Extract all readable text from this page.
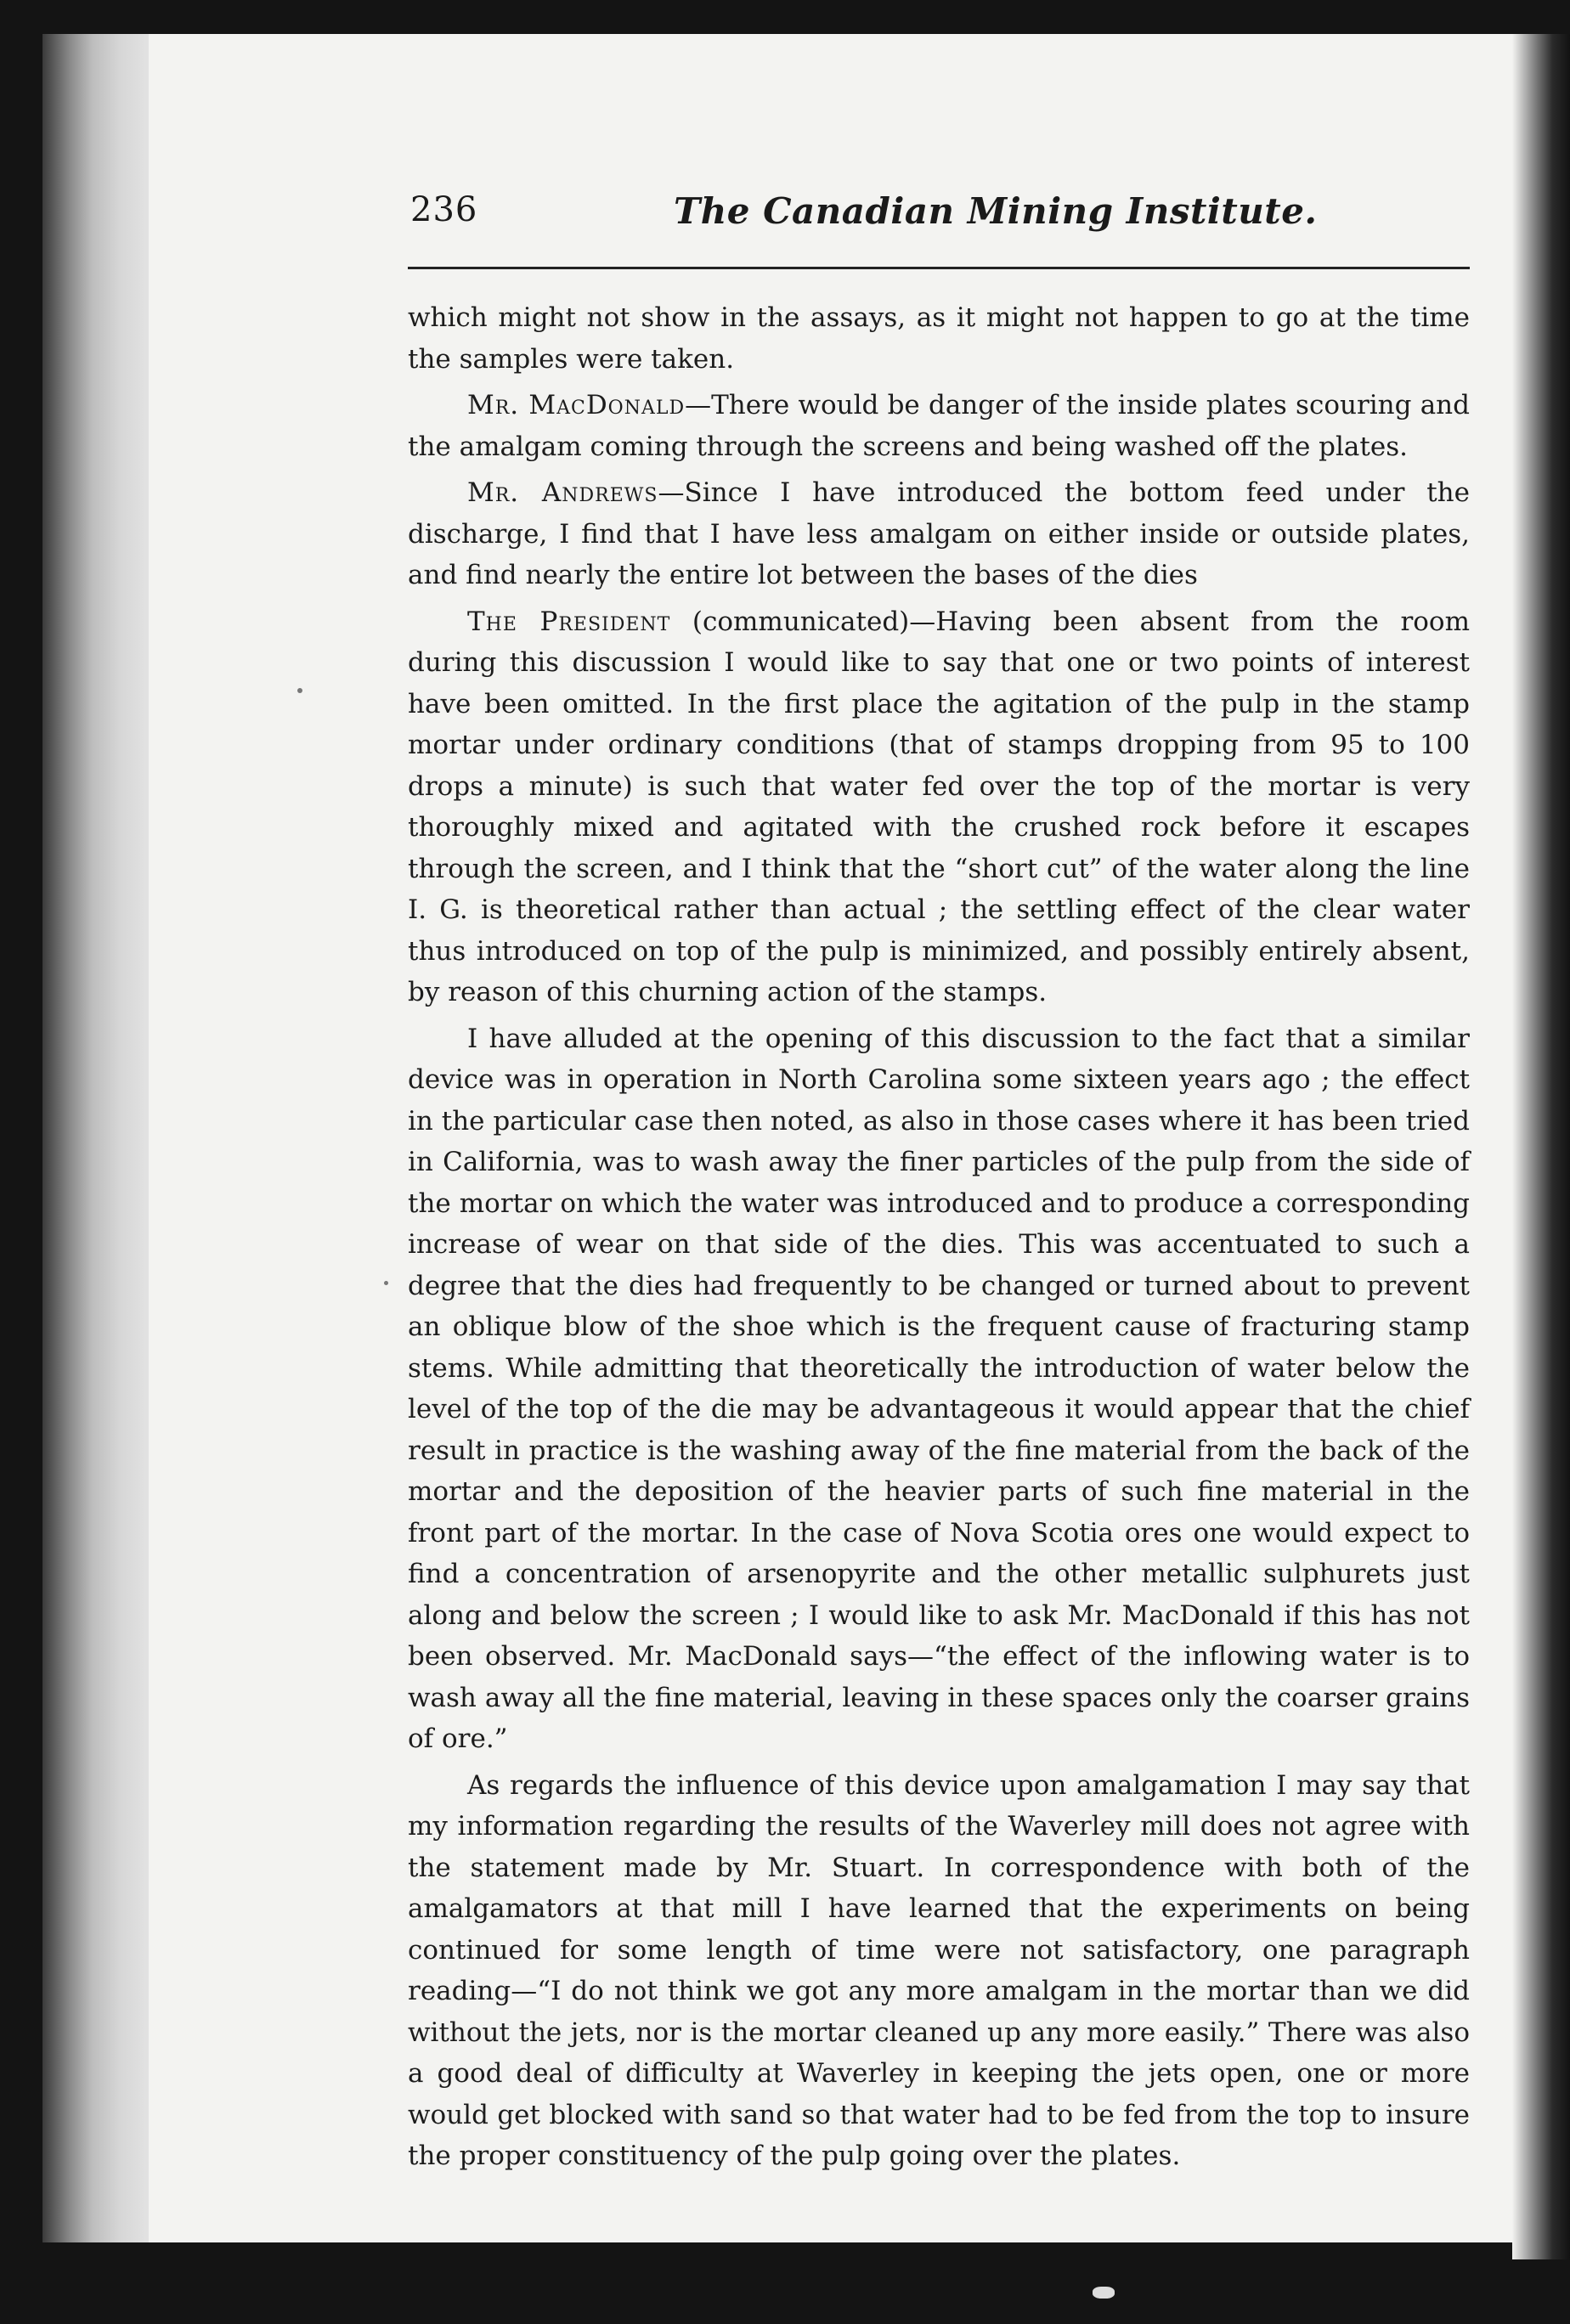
236	The Canadian Mining Institute.

which might not show in the assays, as it might not happen to go at the time the samples were taken.

Mr. MacDonald—There would be danger of the inside plates scouring and the amalgam coming through the screens and being washed off the plates.

Mr. Andrews—Since I have introduced the bottom feed under the discharge, I find that I have less amalgam on either inside or outside plates, and find nearly the entire lot between the bases of the dies

The President (communicated)—Having been absent from the room during this discussion I would like to say that one or two points of interest have been omitted. In the first place the agitation of the pulp in the stamp mortar under ordinary conditions (that of stamps dropping from 95 to 100 drops a minute) is such that water fed over the top of the mortar is very thoroughly mixed and agitated with the crushed rock before it escapes through the screen, and I think that the “short cut” of the water along the line I. G. is theoretical rather than actual ; the settling effect of the clear water thus introduced on top of the pulp is minimized, and possibly entirely absent, by reason of this churning action of the stamps.

I have alluded at the opening of this discussion to the fact that a similar device was in operation in North Carolina some sixteen years ago ; the effect in the particular case then noted, as also in those cases where it has been tried in California, was to wash away the finer particles of the pulp from the side of the mortar on which the water was introduced and to produce a corresponding increase of wear on that side of the dies. This was accentuated to such a degree that the dies had frequently to be changed or turned about to prevent an oblique blow of the shoe which is the frequent cause of fracturing stamp stems. While admitting that theoretically the introduction of water below the level of the top of the die may be advantageous it would appear that the chief result in practice is the washing away of the fine material from the back of the mortar and the deposition of the heavier parts of such fine material in the front part of the mortar. In the case of Nova Scotia ores one would expect to find a concentration of arsenopyrite and the other metallic sulphurets just along and below the screen ; I would like to ask Mr. MacDonald if this has not been observed. Mr. MacDonald says—“the effect of the inflowing water is to wash away all the fine material, leaving in these spaces only the coarser grains of ore.”

As regards the influence of this device upon amalgamation I may say that my information regarding the results of the Waverley mill does not agree with the statement made by Mr. Stuart. In correspondence with both of the amalgamators at that mill I have learned that the experiments on being continued for some length of time were not satisfactory, one paragraph reading—“I do not think we got any more amalgam in the mortar than we did without the jets, nor is the mortar cleaned up any more easily.” There was also a good deal of difficulty at Waverley in keeping the jets open, one or more would get blocked with sand so that water had to be fed from the top to insure the proper constituency of the pulp going over the plates.
